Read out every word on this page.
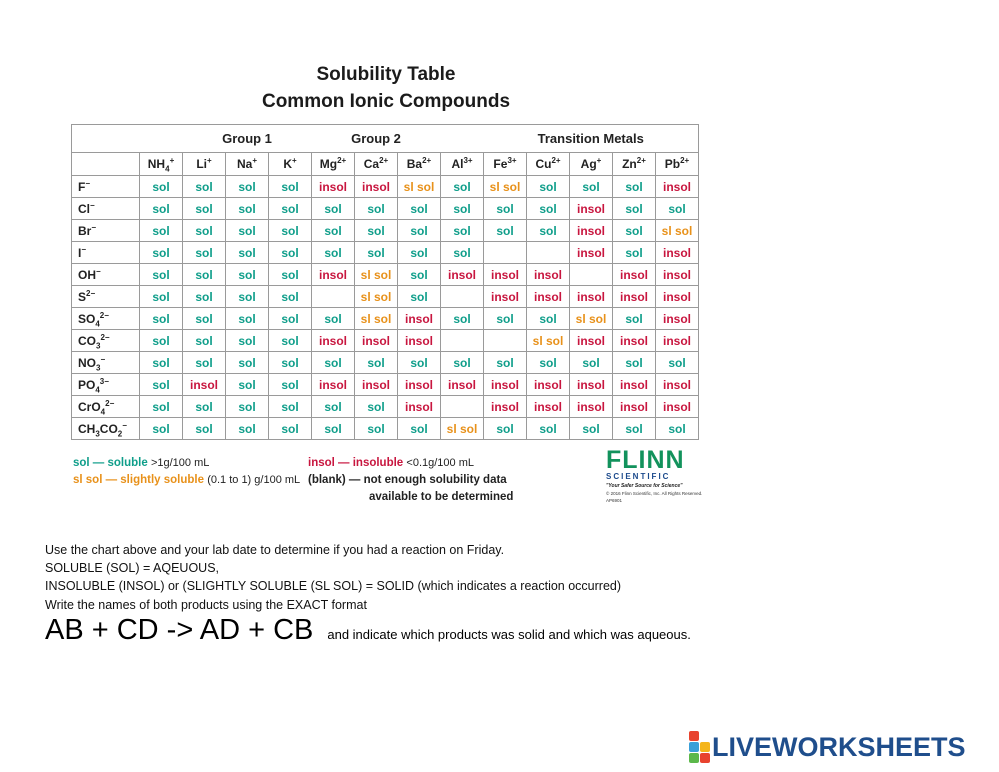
Solubility Table
Common Ionic Compounds
		Group 1			Group 2				Transition Metals				
	$NH_4^+$	Li+	Na+	K+	$Mg^{2+}$	$Ca^{2+}$	$Ba^{2+}$	$Al^{3+}$	$Fe^{3+}$	$Cu^{2+}$	Ag+	$Zn^{2+}$	$Pb^{2+}$
F−	sol	sol	sol	sol	insol	insol	sl sol	sol	sl sol	sol	sol	sol	insol
Cl−	sol	sol	sol	sol	sol	sol	sol	sol	sol	sol	insol	sol	sol
Br−	sol	sol	sol	sol	sol	sol	sol	sol	sol	sol	insol	sol	sl sol
I−	sol	sol	sol	sol	sol	sol	sol	sol			insol	sol	insol
OH−	sol	sol	sol	sol	insol	sl sol	sol	insol	insol	insol		insol	insol
$S^{2-}$	sol	sol	sol	sol		sl sol	sol		insol	insol	insol	insol	insol
$SO_4^{2-}$	sol	sol	sol	sol	sol	sl sol	insol	sol	sol	sol	sl sol	sol	insol
$CO_3^{2-}$	sol	sol	sol	sol	insol	insol	insol			sl sol	insol	insol	insol
$NO_3^-$	sol	sol	sol	sol	sol	sol	sol	sol	sol	sol	sol	sol	sol
$PO_4^{3-}$	sol	insol	sol	sol	insol	insol	insol	insol	insol	insol	insol	insol	insol
CrO$_4^{2-}$	sol	sol	sol	sol	sol	sol	insol		insol	insol	insol	insol	insol
$CH_3CO_2^-$	sol	sol	sol	sol	sol	sol	sol	sl sol	sol	sol	sol	sol	sol
sol — soluble >1g/100 mL
sl sol — slightly soluble (0.1 to 1) g/100 mL
insol — insoluble <0.1g/100 mL
(blank) — not enough solubility data
available to be determined
FLINN
SCIENTIFIC
"Your Safer Source for Science"
© 2016 Flinn Scientific, Inc. All Rights Reserved.
AP6901
Use the chart above and your lab date to determine if you had a reaction on Friday.
SOLUBLE (SOL) = AQEUOUS,
INSOLUBLE (INSOL) or (SLIGHTLY SOLUBLE (SL SOL) = SOLID (which indicates a reaction occurred)
Write the names of both products using the EXACT format
AB + CD -> AD + CB and indicate which products was solid and which was aqueous.
LIVEWORKSHEETS
